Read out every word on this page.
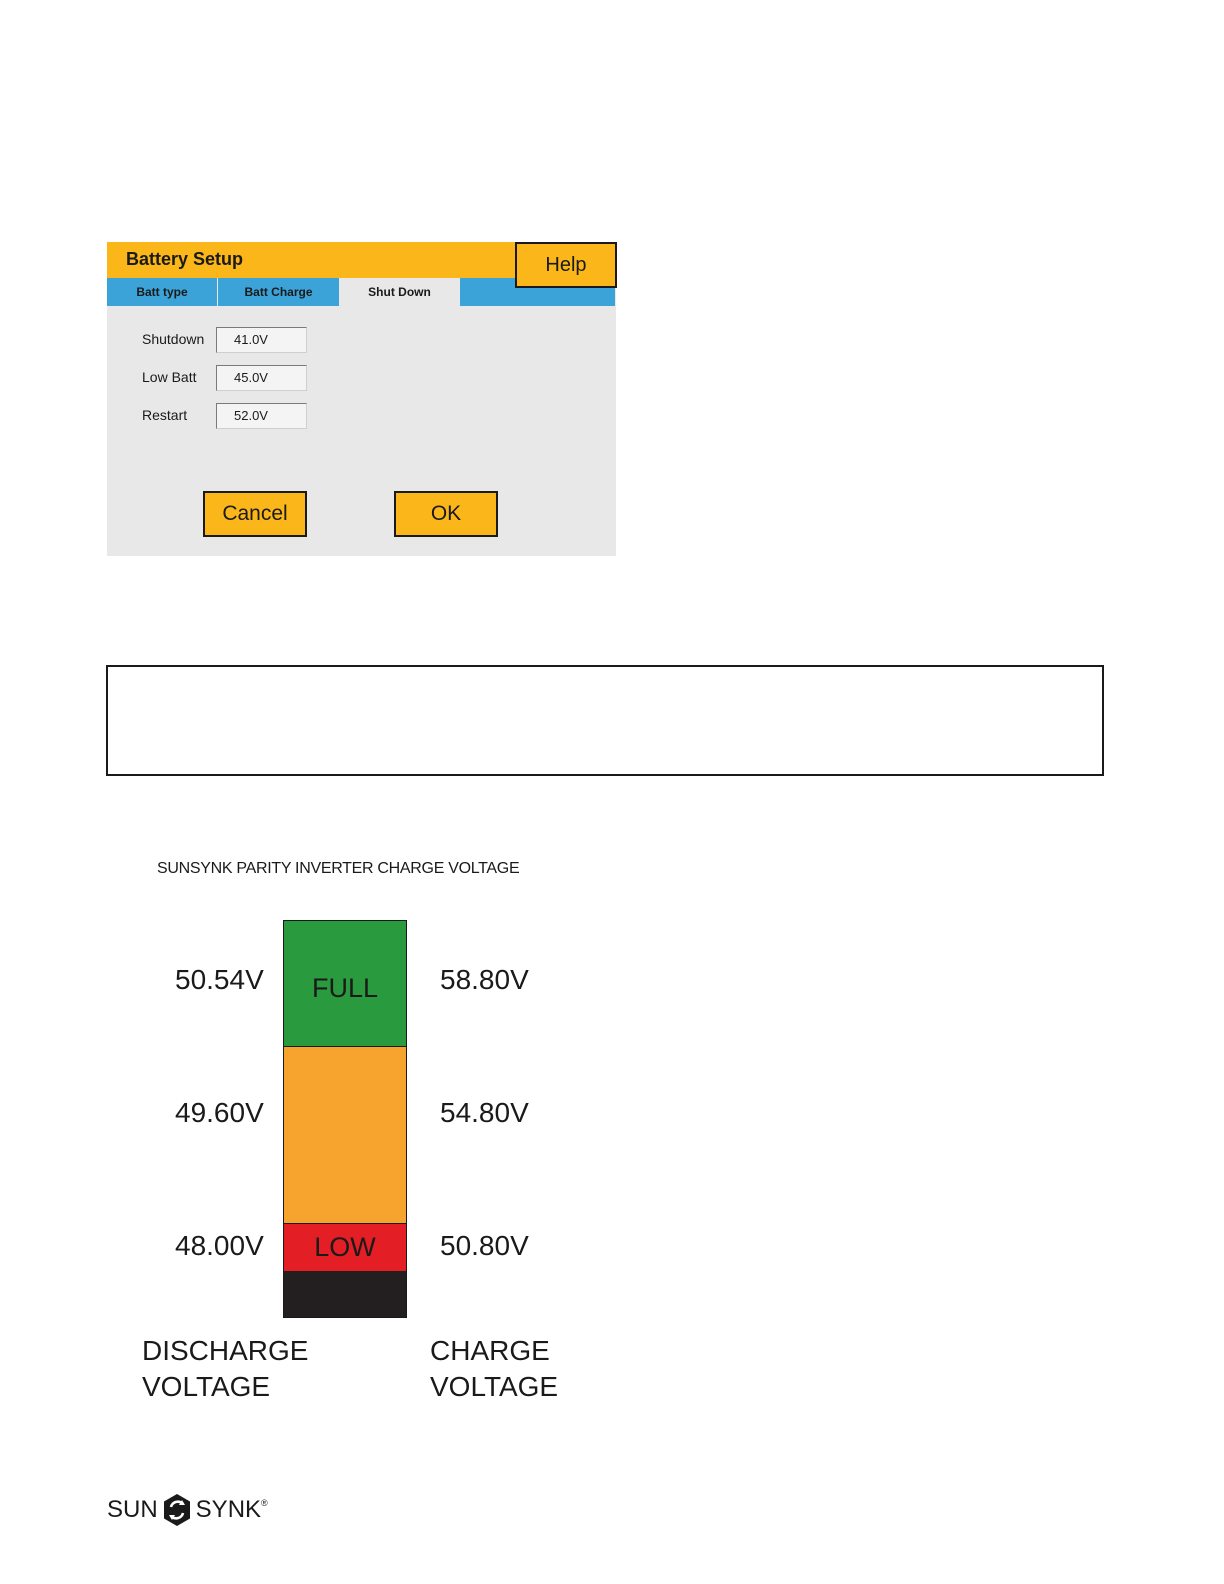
Battery Setup
Batt type	Batt Charge	Shut Down
Help
Shutdown	41.0V
Low Batt	45.0V
Restart	52.0V
Cancel	OK
SUNSYNK PARITY INVERTER CHARGE VOLTAGE
FULL
LOW
50.54V
49.60V
48.00V
58.80V
54.80V
50.80V
DISCHARGE
VOLTAGE
CHARGE
VOLTAGE
SUN SYNK ®
